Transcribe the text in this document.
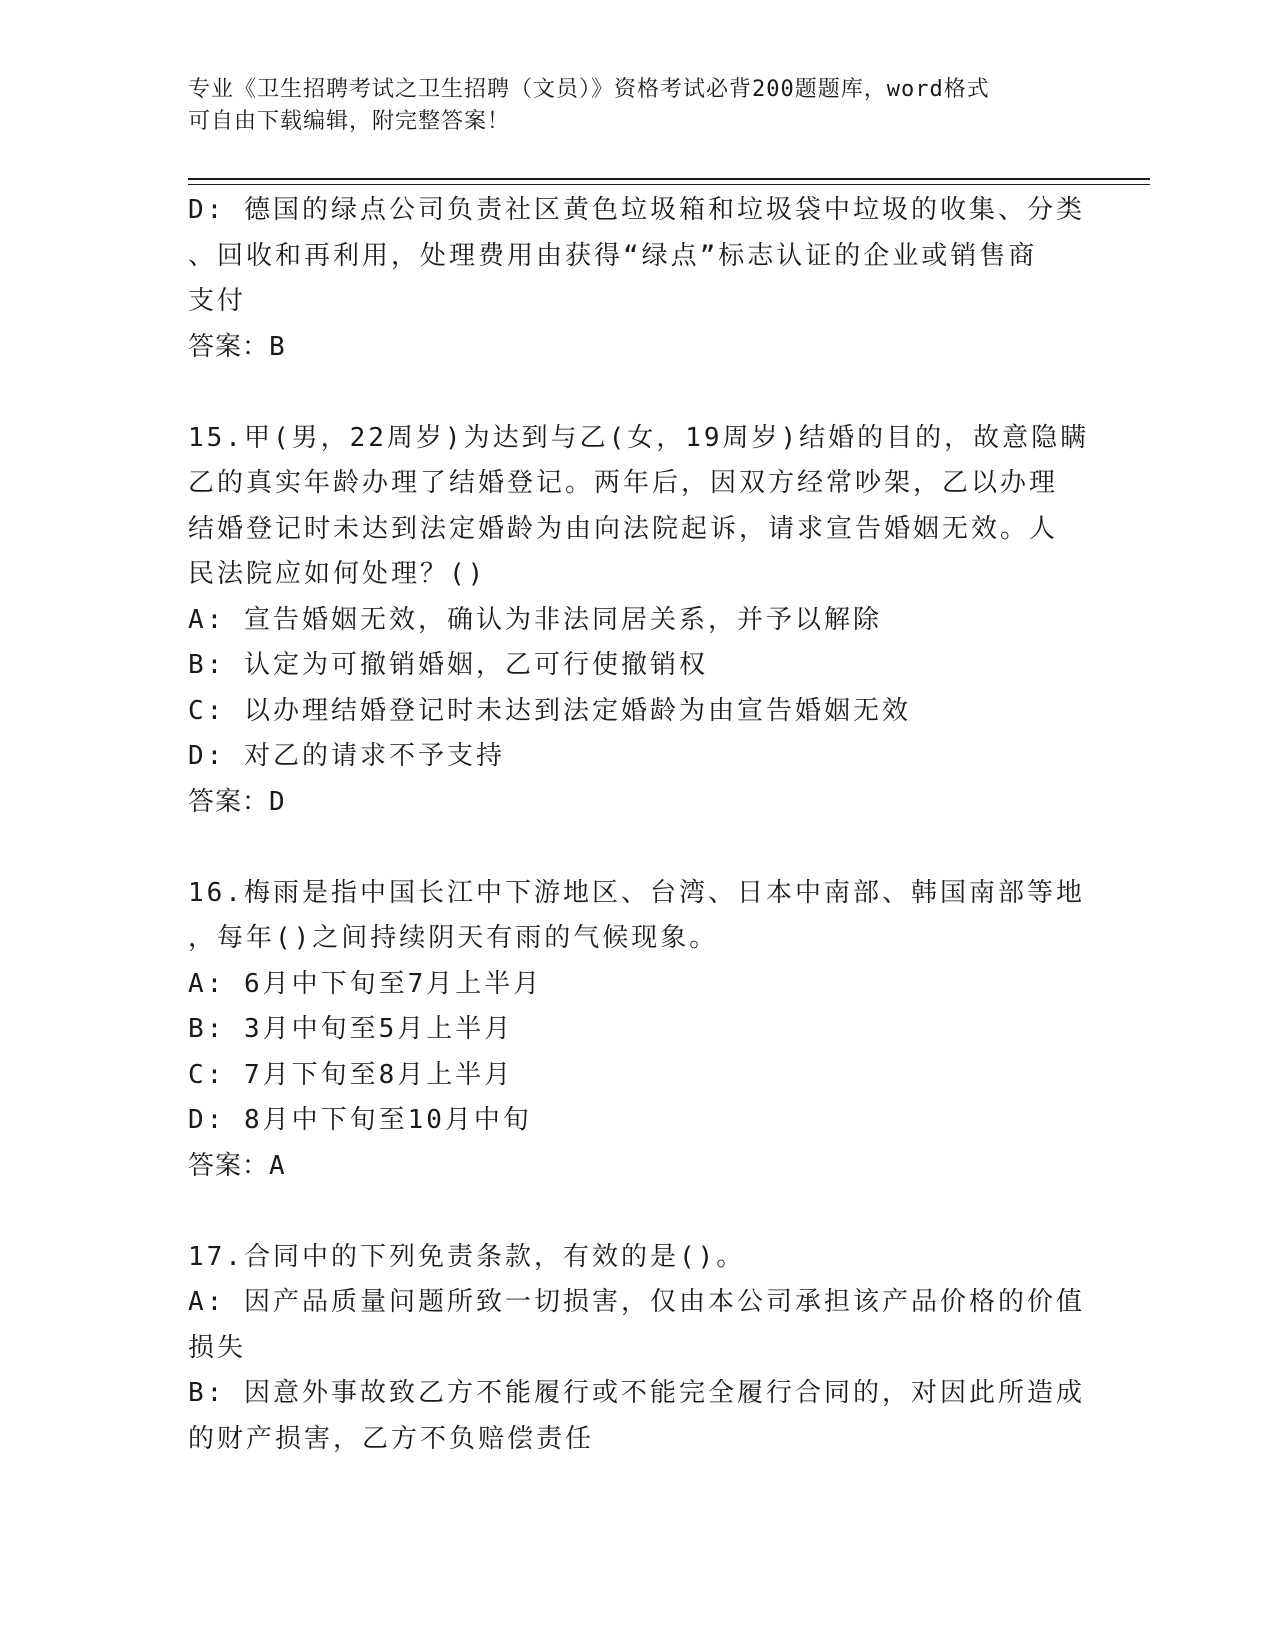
专业《卫生招聘考试之卫生招聘（文员）》资格考试必背200题题库，word格式
可自由下载编辑，附完整答案！
D: 德国的绿点公司负责社区黄色垃圾箱和垃圾袋中垃圾的收集、分类
、回收和再利用，处理费用由获得“绿点”标志认证的企业或销售商
支付
答案：B
15.甲(男，22周岁)为达到与乙(女，19周岁)结婚的目的，故意隐瞒
乙的真实年龄办理了结婚登记。两年后，因双方经常吵架，乙以办理
结婚登记时未达到法定婚龄为由向法院起诉，请求宣告婚姻无效。人
民法院应如何处理？()
A: 宣告婚姻无效，确认为非法同居关系，并予以解除
B: 认定为可撤销婚姻，乙可行使撤销权
C: 以办理结婚登记时未达到法定婚龄为由宣告婚姻无效
D: 对乙的请求不予支持
答案：D
16.梅雨是指中国长江中下游地区、台湾、日本中南部、韩国南部等地
，每年()之间持续阴天有雨的气候现象。
A: 6月中下旬至7月上半月
B: 3月中旬至5月上半月
C: 7月下旬至8月上半月
D: 8月中下旬至10月中旬
答案：A
17.合同中的下列免责条款，有效的是()。
A: 因产品质量问题所致一切损害，仅由本公司承担该产品价格的价值
损失
B: 因意外事故致乙方不能履行或不能完全履行合同的，对因此所造成
的财产损害，乙方不负赔偿责任
